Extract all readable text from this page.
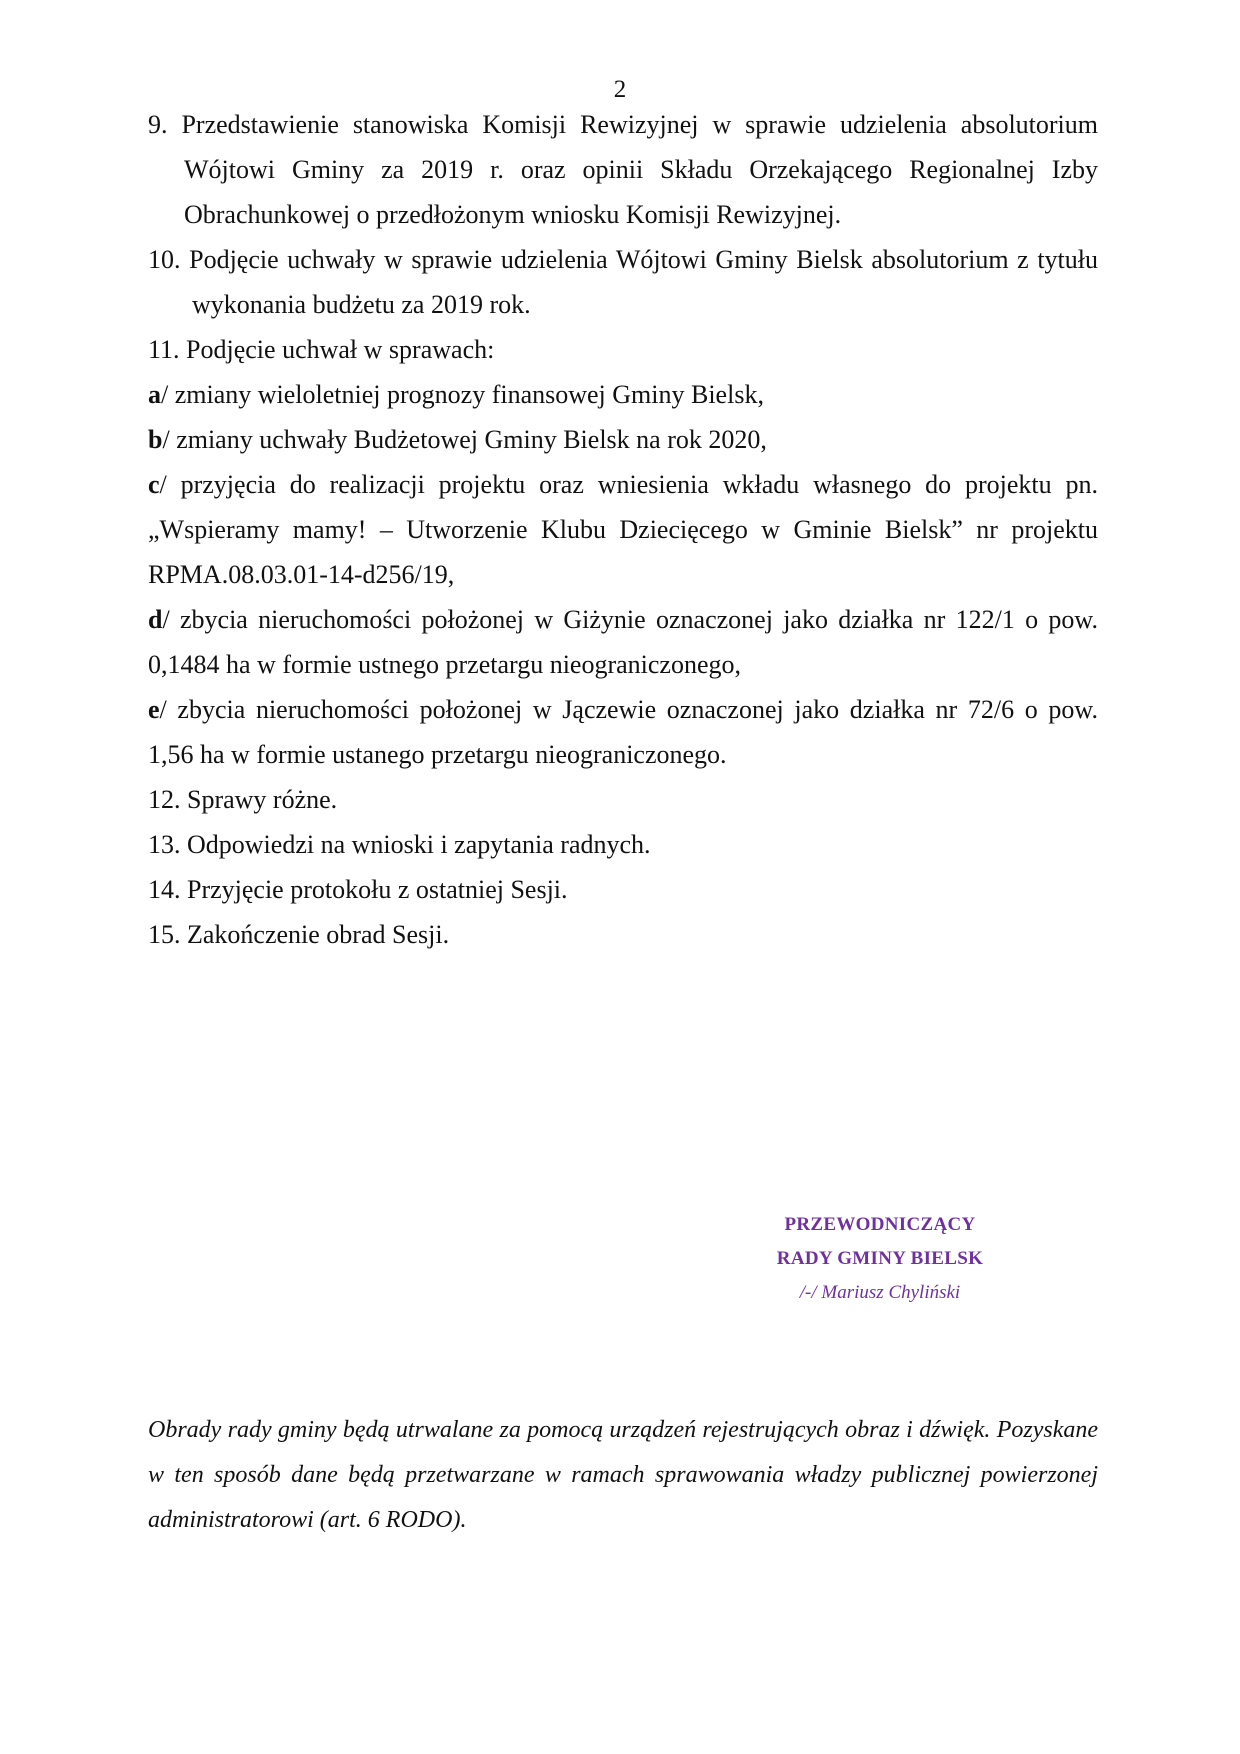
2

9. Przedstawienie stanowiska Komisji Rewizyjnej w sprawie udzielenia absolutorium Wójtowi Gminy za 2019 r. oraz opinii Składu Orzekającego Regionalnej Izby Obrachunkowej o przedłożonym wniosku Komisji Rewizyjnej.

10. Podjęcie uchwały w sprawie udzielenia Wójtowi Gminy Bielsk absolutorium z tytułu wykonania budżetu za 2019 rok.

11. Podjęcie uchwał w sprawach:

a/ zmiany wieloletniej prognozy finansowej Gminy Bielsk,

b/ zmiany uchwały Budżetowej Gminy Bielsk na rok 2020,

c/ przyjęcia do realizacji projektu oraz wniesienia wkładu własnego do projektu pn. „Wspieramy mamy! – Utworzenie Klubu Dziecięcego w Gminie Bielsk” nr projektu RPMA.08.03.01-14-d256/19,

d/ zbycia nieruchomości położonej w Giżynie oznaczonej jako działka nr 122/1 o pow. 0,1484 ha w formie ustnego przetargu nieograniczonego,

e/ zbycia nieruchomości położonej w Jączewie oznaczonej jako działka nr 72/6 o pow. 1,56 ha w formie ustanego przetargu nieograniczonego.

12. Sprawy różne.

13. Odpowiedzi na wnioski i zapytania radnych.

14. Przyjęcie protokołu z ostatniej Sesji.

15. Zakończenie obrad Sesji.

PRZEWODNICZĄCY
RADY GMINY BIELSK
/-/ Mariusz Chyliński
Obrady rady gminy będą utrwalane za pomocą urządzeń rejestrujących obraz i dźwięk. Pozyskane w ten sposób dane będą przetwarzane w ramach sprawowania władzy publicznej powierzonej administratorowi (art. 6 RODO).
